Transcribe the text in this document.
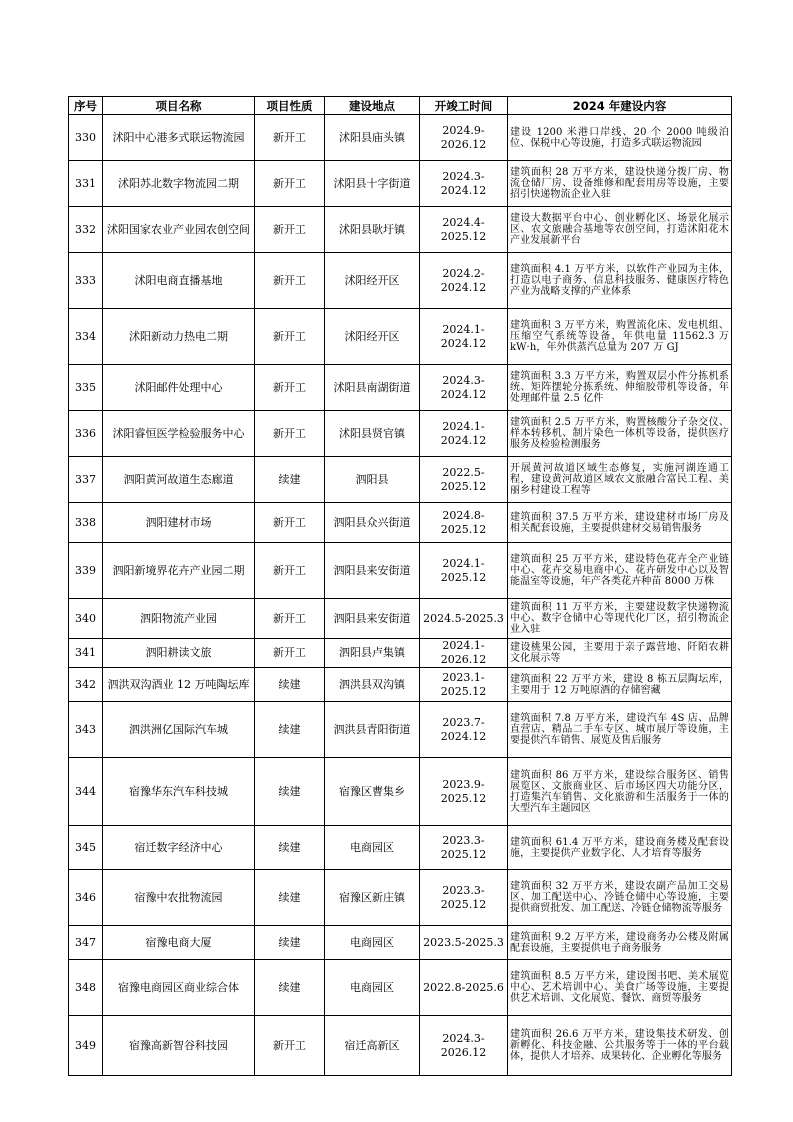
序号	项目名称	项目性质	建设地点	开竣工时间	2024 年建设内容
330	沭阳中心港多式联运物流园	新开工	沭阳县庙头镇	2024.9-2026.12	建设 1200 米港口岸线、20 个 2000 吨级泊位、保税中心等设施，打造多式联运物流园
331	沭阳苏北数字物流园二期	新开工	沭阳县十字街道	2024.3-2024.12	建筑面积 28 万平方米，建设快递分拨厂房、物流仓储厂房、设备维修和配套用房等设施，主要招引快递物流企业入驻
332	沭阳国家农业产业园农创空间	新开工	沭阳县耿圩镇	2024.4-2025.12	建设大数据平台中心、创业孵化区、场景化展示区、农文旅融合基地等农创空间，打造沭阳花木产业发展新平台
333	沭阳电商直播基地	新开工	沭阳经开区	2024.2-2024.12	建筑面积 4.1 万平方米，以软件产业园为主体，打造以电子商务、信息科技服务、健康医疗特色产业为战略支撑的产业体系
334	沭阳新动力热电二期	新开工	沭阳经开区	2024.1-2024.12	建筑面积 3 万平方米，购置流化床、发电机组、压缩空气系统等设备，年供电量 11562.3 万 kW·h，年外供蒸汽总量为 207 万 GJ
335	沭阳邮件处理中心	新开工	沭阳县南湖街道	2024.3-2024.12	建筑面积 3.3 万平方米，购置双层小件分拣机系统、矩阵摆轮分拣系统、伸缩胶带机等设备，年处理邮件量 2.5 亿件
336	沭阳睿恒医学检验服务中心	新开工	沭阳县贤官镇	2024.1-2024.12	建筑面积 2.5 万平方米，购置核酸分子杂交仪、样本转移机、制片染色一体机等设备，提供医疗服务及检验检测服务
337	泗阳黄河故道生态廊道	续建	泗阳县	2022.5-2025.12	开展黄河故道区域生态修复，实施河湖连通工程，建设黄河故道区域农文旅融合富民工程、美丽乡村建设工程等
338	泗阳建材市场	新开工	泗阳县众兴街道	2024.8-2025.12	建筑面积 37.5 万平方米，建设建材市场厂房及相关配套设施，主要提供建材交易销售服务
339	泗阳新境界花卉产业园二期	新开工	泗阳县来安街道	2024.1-2025.12	建筑面积 25 万平方米，建设特色花卉全产业链中心、花卉交易电商中心、花卉研发中心以及智能温室等设施，年产各类花卉种苗 8000 万株
340	泗阳物流产业园	新开工	泗阳县来安街道	2024.5-2025.3	建筑面积 11 万平方米，主要建设数字快递物流中心、数字仓储中心等现代化厂区，招引物流企业入驻
341	泗阳耕读文旅	新开工	泗阳县卢集镇	2024.1-2026.12	建设桃果公园，主要用于亲子露营地、阡陌农耕文化展示等
342	泗洪双沟酒业 12 万吨陶坛库	续建	泗洪县双沟镇	2023.1-2025.12	建筑面积 22 万平方米，建设 8 栋五层陶坛库，主要用于 12 万吨原酒的存储窖藏
343	泗洪洲亿国际汽车城	续建	泗洪县青阳街道	2023.7-2024.12	建筑面积 7.8 万平方米，建设汽车 4S 店、品牌直营店、精品二手车专区、城市展厅等设施，主要提供汽车销售、展览及售后服务
344	宿豫华东汽车科技城	续建	宿豫区曹集乡	2023.9-2025.12	建筑面积 86 万平方米，建设综合服务区、销售展览区、文旅商业区、后市场区四大功能分区，打造集汽车销售、文化旅游和生活服务于一体的大型汽车主题园区
345	宿迁数字经济中心	续建	电商园区	2023.3-2025.12	建筑面积 61.4 万平方米，建设商务楼及配套设施，主要提供产业数字化、人才培育等服务
346	宿豫中农批物流园	续建	宿豫区新庄镇	2023.3-2025.12	建筑面积 32 万平方米，建设农副产品加工交易区、加工配送中心、冷链仓储中心等设施，主要提供商贸批发、加工配送、冷链仓储物流等服务
347	宿豫电商大厦	续建	电商园区	2023.5-2025.3	建筑面积 9.2 万平方米，建设商务办公楼及附属配套设施，主要提供电子商务服务
348	宿豫电商园区商业综合体	续建	电商园区	2022.8-2025.6	建筑面积 8.5 万平方米，建设图书吧、美术展览中心、艺术培训中心、美食广场等设施，主要提供艺术培训、文化展览、餐饮、商贸等服务
349	宿豫高新智谷科技园	新开工	宿迁高新区	2024.3-2026.12	建筑面积 26.6 万平方米，建设集技术研发、创新孵化、科技金融、公共服务等于一体的平台载体，提供人才培养、成果转化、企业孵化等服务
